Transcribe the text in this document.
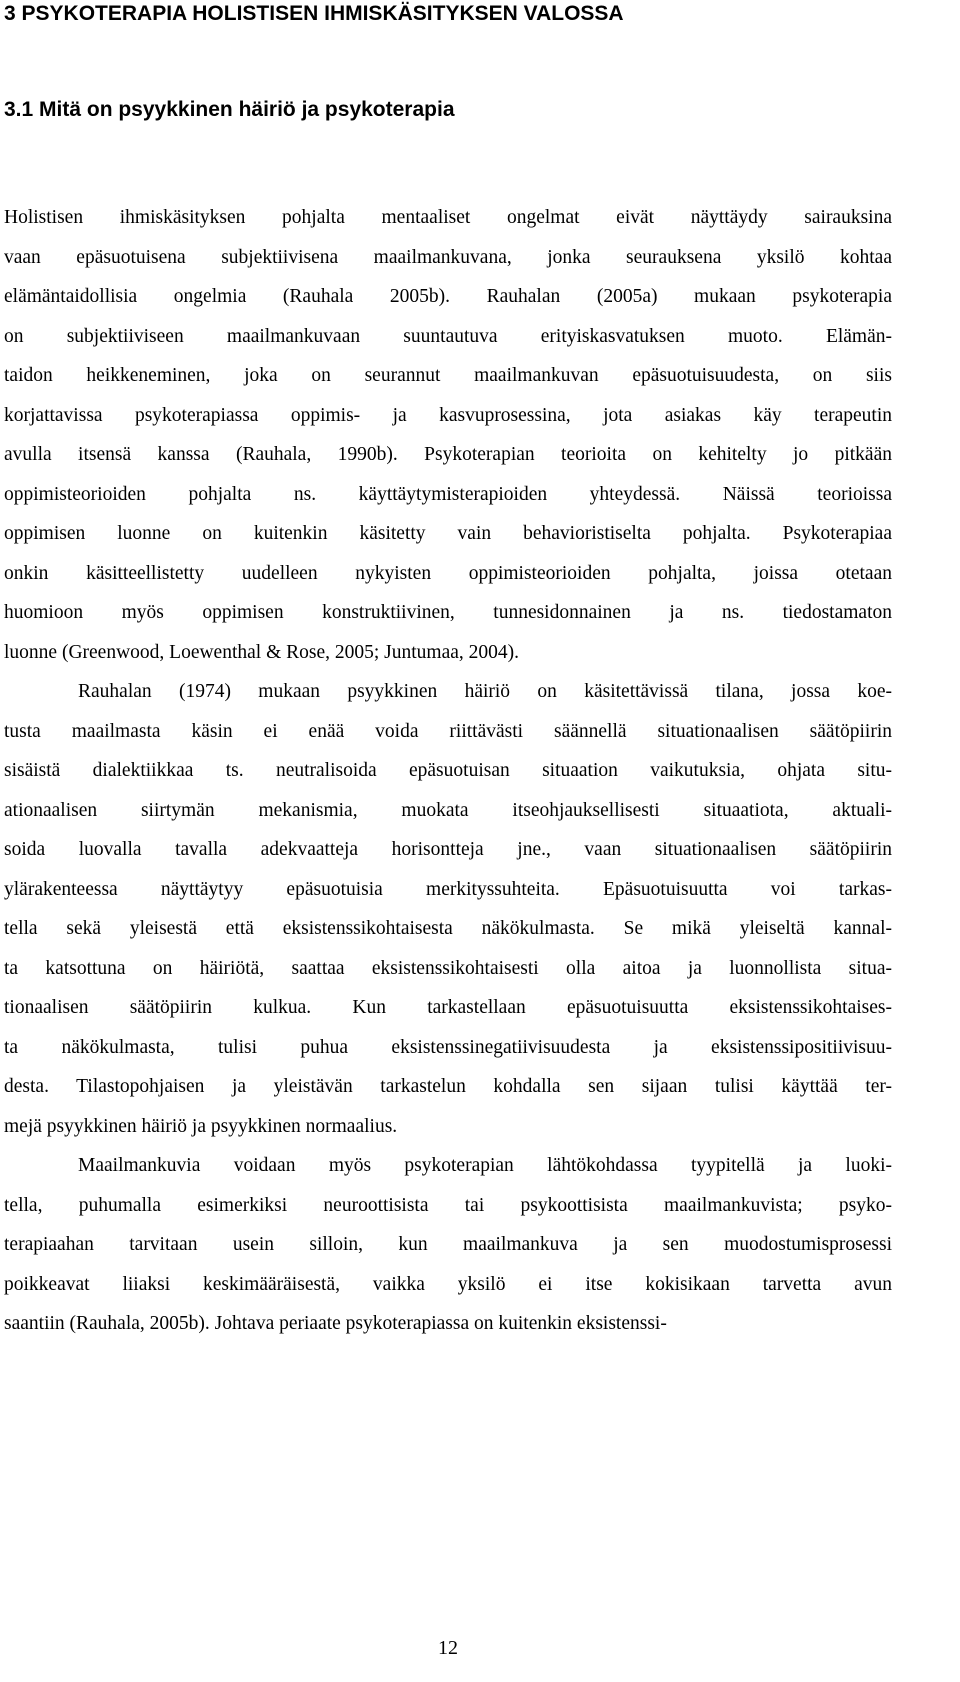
3 PSYKOTERAPIA HOLISTISEN IHMISKÄSITYKSEN VALOSSA
3.1 Mitä on psyykkinen häiriö ja psykoterapia
Holistisen ihmiskäsityksen pohjalta mentaaliset ongelmat eivät näyttäydy sairauksina
vaan epäsuotuisena subjektiivisena maailmankuvana, jonka seurauksena yksilö kohtaa
elämäntaidollisia ongelmia (Rauhala 2005b). Rauhalan (2005a) mukaan psykoterapia
on subjektiiviseen maailmankuvaan suuntautuva erityiskasvatuksen muoto. Elämän-
taidon heikkeneminen, joka on seurannut maailmankuvan epäsuotuisuudesta, on siis
korjattavissa psykoterapiassa oppimis- ja kasvuprosessina, jota asiakas käy terapeutin
avulla itsensä kanssa (Rauhala, 1990b). Psykoterapian teorioita on kehitelty jo pitkään
oppimisteorioiden pohjalta ns. käyttäytymisterapioiden yhteydessä. Näissä teorioissa
oppimisen luonne on kuitenkin käsitetty vain behavioristiselta pohjalta. Psykoterapiaa
onkin käsitteellistetty uudelleen nykyisten oppimisteorioiden pohjalta, joissa otetaan
huomioon myös oppimisen konstruktiivinen, tunnesidonnainen ja ns. tiedostamaton
luonne (Greenwood, Loewenthal & Rose, 2005; Juntumaa, 2004).
Rauhalan (1974) mukaan psyykkinen häiriö on käsitettävissä tilana, jossa koe-
tusta maailmasta käsin ei enää voida riittävästi säännellä situationaalisen säätöpiirin
sisäistä dialektiikkaa ts. neutralisoida epäsuotuisan situaation vaikutuksia, ohjata situ-
ationaalisen siirtymän mekanismia, muokata itseohjauksellisesti situaatiota, aktuali-
soida luovalla tavalla adekvaatteja horisontteja jne., vaan situationaalisen säätöpiirin
ylärakenteessa näyttäytyy epäsuotuisia merkityssuhteita. Epäsuotuisuutta voi tarkas-
tella sekä yleisestä että eksistenssikohtaisesta näkökulmasta. Se mikä yleiseltä kannal-
ta katsottuna on häiriötä, saattaa eksistenssikohtaisesti olla aitoa ja luonnollista situa-
tionaalisen säätöpiirin kulkua. Kun tarkastellaan epäsuotuisuutta eksistenssikohtaises-
ta näkökulmasta, tulisi puhua eksistenssinegatiivisuudesta ja eksistenssipositiivisuu-
desta. Tilastopohjaisen ja yleistävän tarkastelun kohdalla sen sijaan tulisi käyttää ter-
mejä psyykkinen häiriö ja psyykkinen normaalius.
Maailmankuvia voidaan myös psykoterapian lähtökohdassa tyypitellä ja luoki-
tella, puhumalla esimerkiksi neuroottisista tai psykoottisista maailmankuvista; psyko-
terapiaahan tarvitaan usein silloin, kun maailmankuva ja sen muodostumisprosessi
poikkeavat liiaksi keskimääräisestä, vaikka yksilö ei itse kokisikaan tarvetta avun
saantiin (Rauhala, 2005b). Johtava periaate psykoterapiassa on kuitenkin eksistenssi-
12
